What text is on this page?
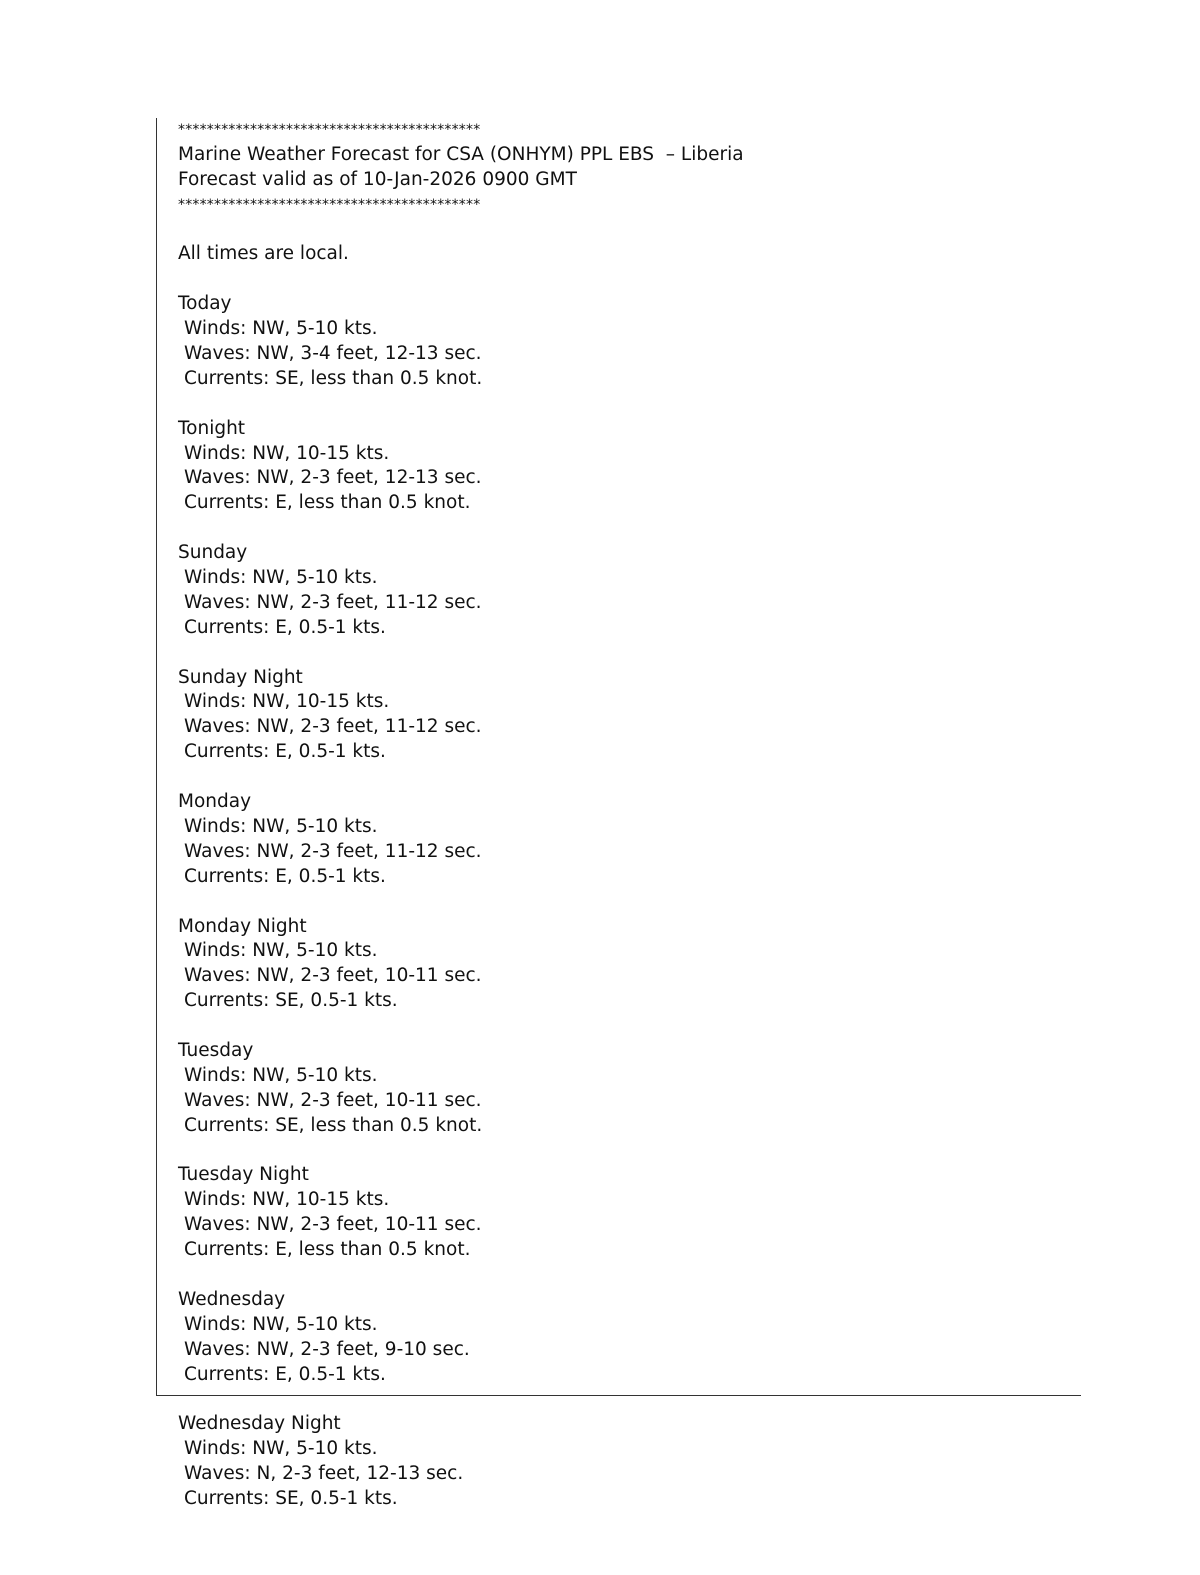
******************************************
Marine Weather Forecast for CSA (ONHYM) PPL EBS  – Liberia
Forecast valid as of 10-Jan-2026 0900 GMT
******************************************
All times are local.
Today
Winds: NW, 5-10 kts.
Waves: NW, 3-4 feet, 12-13 sec.
Currents: SE, less than 0.5 knot.
Tonight
Winds: NW, 10-15 kts.
Waves: NW, 2-3 feet, 12-13 sec.
Currents: E, less than 0.5 knot.
Sunday
Winds: NW, 5-10 kts.
Waves: NW, 2-3 feet, 11-12 sec.
Currents: E, 0.5-1 kts.
Sunday Night
Winds: NW, 10-15 kts.
Waves: NW, 2-3 feet, 11-12 sec.
Currents: E, 0.5-1 kts.
Monday
Winds: NW, 5-10 kts.
Waves: NW, 2-3 feet, 11-12 sec.
Currents: E, 0.5-1 kts.
Monday Night
Winds: NW, 5-10 kts.
Waves: NW, 2-3 feet, 10-11 sec.
Currents: SE, 0.5-1 kts.
Tuesday
Winds: NW, 5-10 kts.
Waves: NW, 2-3 feet, 10-11 sec.
Currents: SE, less than 0.5 knot.
Tuesday Night
Winds: NW, 10-15 kts.
Waves: NW, 2-3 feet, 10-11 sec.
Currents: E, less than 0.5 knot.
Wednesday
Winds: NW, 5-10 kts.
Waves: NW, 2-3 feet, 9-10 sec.
Currents: E, 0.5-1 kts.
Wednesday Night
Winds: NW, 5-10 kts.
Waves: N, 2-3 feet, 12-13 sec.
Currents: SE, 0.5-1 kts.
